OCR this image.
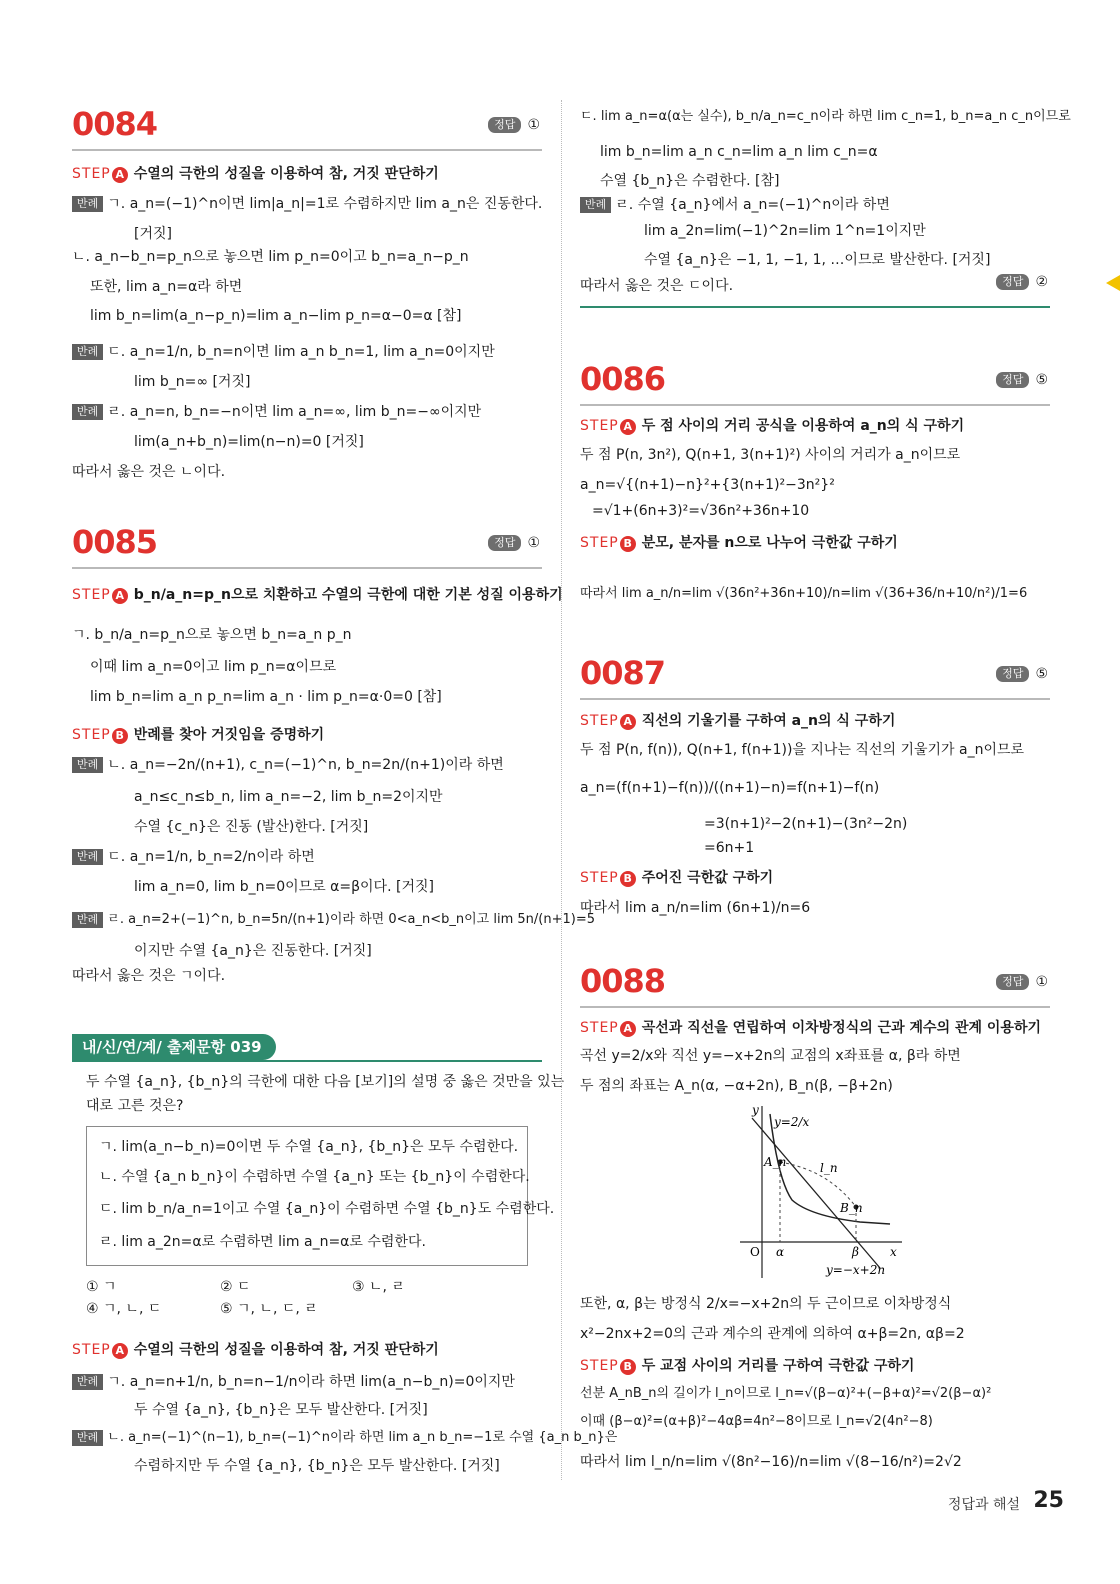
0084	정답 ①
STEP A 수열의 극한의 성질을 이용하여 참, 거짓 판단하기
반례 ㄱ. a_n=(−1)^n이면 lim|a_n|=1로 수렴하지만 lim a_n은 진동한다.
[거짓]
ㄴ. a_n−b_n=p_n으로 놓으면 lim p_n=0이고 b_n=a_n−p_n
또한, lim a_n=α라 하면
lim b_n=lim(a_n−p_n)=lim a_n−lim p_n=α−0=α [참]
반례 ㄷ. a_n=1/n, b_n=n이면 lim a_n b_n=1, lim a_n=0이지만
lim b_n=∞ [거짓]
반례 ㄹ. a_n=n, b_n=−n이면 lim a_n=∞, lim b_n=−∞이지만
lim(a_n+b_n)=lim(n−n)=0 [거짓]
따라서 옳은 것은 ㄴ이다.
0085	정답 ①
STEP A b_n/a_n=p_n으로 치환하고 수열의 극한에 대한 기본 성질 이용하기
ㄱ. b_n/a_n=p_n으로 놓으면 b_n=a_n p_n
이때 lim a_n=0이고 lim p_n=α이므로
lim b_n=lim a_n p_n=lim a_n · lim p_n=α·0=0 [참]
STEP B 반례를 찾아 거짓임을 증명하기
반례 ㄴ. a_n=−2n/(n+1), c_n=(−1)^n, b_n=2n/(n+1)이라 하면
a_n≤c_n≤b_n, lim a_n=−2, lim b_n=2이지만
수열 {c_n}은 진동 (발산)한다. [거짓]
반례 ㄷ. a_n=1/n, b_n=2/n이라 하면
lim a_n=0, lim b_n=0이므로 α=β이다. [거짓]
반례 ㄹ. a_n=2+(−1)^n, b_n=5n/(n+1)이라 하면 0<a_n<b_n이고 lim 5n/(n+1)=5
이지만 수열 {a_n}은 진동한다. [거짓]
따라서 옳은 것은 ㄱ이다.
내/신/연/계/ 출제문항 039
두 수열 {a_n}, {b_n}의 극한에 대한 다음 [보기]의 설명 중 옳은 것만을 있는
대로 고른 것은?
ㄱ. lim(a_n−b_n)=0이면 두 수열 {a_n}, {b_n}은 모두 수렴한다.
ㄴ. 수열 {a_n b_n}이 수렴하면 수열 {a_n} 또는 {b_n}이 수렴한다.
ㄷ. lim b_n/a_n=1이고 수열 {a_n}이 수렴하면 수열 {b_n}도 수렴한다.
ㄹ. lim a_2n=α로 수렴하면 lim a_n=α로 수렴한다.
① ㄱ	② ㄷ	③ ㄴ, ㄹ
④ ㄱ, ㄴ, ㄷ	⑤ ㄱ, ㄴ, ㄷ, ㄹ
STEP A 수열의 극한의 성질을 이용하여 참, 거짓 판단하기
반례 ㄱ. a_n=n+1/n, b_n=n−1/n이라 하면 lim(a_n−b_n)=0이지만
두 수열 {a_n}, {b_n}은 모두 발산한다. [거짓]
반례 ㄴ. a_n=(−1)^(n−1), b_n=(−1)^n이라 하면 lim a_n b_n=−1로 수열 {a_n b_n}은
수렴하지만 두 수열 {a_n}, {b_n}은 모두 발산한다. [거짓]
ㄷ. lim a_n=α(α는 실수), b_n/a_n=c_n이라 하면 lim c_n=1, b_n=a_n c_n이므로
lim b_n=lim a_n c_n=lim a_n lim c_n=α
수열 {b_n}은 수렴한다. [참]
반례 ㄹ. 수열 {a_n}에서 a_n=(−1)^n이라 하면
lim a_2n=lim(−1)^2n=lim 1^n=1이지만
수열 {a_n}은 −1, 1, −1, 1, …이므로 발산한다. [거짓]
따라서 옳은 것은 ㄷ이다.	정답 ②
0086	정답 ⑤
STEP A 두 점 사이의 거리 공식을 이용하여 a_n의 식 구하기
두 점 P(n, 3n²), Q(n+1, 3(n+1)²) 사이의 거리가 a_n이므로
a_n=√{(n+1)−n}²+{3(n+1)²−3n²}²
=√1+(6n+3)²=√36n²+36n+10
STEP B 분모, 분자를 n으로 나누어 극한값 구하기
따라서 lim a_n/n=lim √(36n²+36n+10)/n=lim √(36+36/n+10/n²)/1=6
0087	정답 ⑤
STEP A 직선의 기울기를 구하여 a_n의 식 구하기
두 점 P(n, f(n)), Q(n+1, f(n+1))을 지나는 직선의 기울기가 a_n이므로
a_n=(f(n+1)−f(n))/((n+1)−n)=f(n+1)−f(n)
=3(n+1)²−2(n+1)−(3n²−2n)
=6n+1
STEP B 주어진 극한값 구하기
따라서 lim a_n/n=lim (6n+1)/n=6
0088	정답 ①
STEP A 곡선과 직선을 연립하여 이차방정식의 근과 계수의 관계 이용하기
곡선 y=2/x와 직선 y=−x+2n의 교점의 x좌표를 α, β라 하면
두 점의 좌표는 A_n(α, −α+2n), B_n(β, −β+2n)
y
x
O α	β
y=2/x
y=−x+2n
A_n
B_n
l_n
또한, α, β는 방정식 2/x=−x+2n의 두 근이므로 이차방정식
x²−2nx+2=0의 근과 계수의 관계에 의하여 α+β=2n, αβ=2
STEP B 두 교점 사이의 거리를 구하여 극한값 구하기
선분 A_nB_n의 길이가 l_n이므로 l_n=√(β−α)²+(−β+α)²=√2(β−α)²
이때 (β−α)²=(α+β)²−4αβ=4n²−8이므로 l_n=√2(4n²−8)
따라서 lim l_n/n=lim √(8n²−16)/n=lim √(8−16/n²)=2√2
정답과 해설 25
